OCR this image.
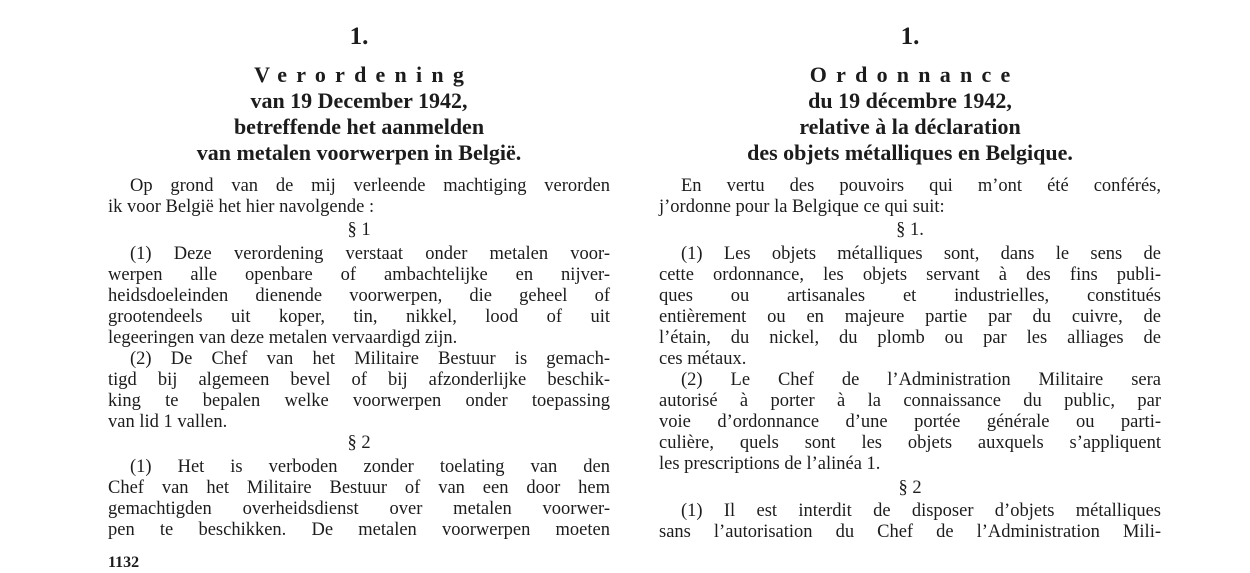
1.
Verordening
van 19 December 1942,
betreffende het aanmelden
van metalen voorwerpen in België.
Op grond van de mij verleende machtiging verorden
ik voor België het hier navolgende :
§ 1
(1) Deze verordening verstaat onder metalen voor-
werpen alle openbare of ambachtelijke en nijver-
heidsdoeleinden dienende voorwerpen, die geheel of
grootendeels uit koper, tin, nikkel, lood of uit
legeeringen van deze metalen vervaardigd zijn.
(2) De Chef van het Militaire Bestuur is gemach-
tigd bij algemeen bevel of bij afzonderlijke beschik-
king te bepalen welke voorwerpen onder toepassing
van lid 1 vallen.
§ 2
(1) Het is verboden zonder toelating van den
Chef van het Militaire Bestuur of van een door hem
gemachtigden overheidsdienst over metalen voorwer-
pen te beschikken. De metalen voorwerpen moeten
1.
Ordonnance
du 19 décembre 1942,
relative à la déclaration
des objets métalliques en Belgique.
En vertu des pouvoirs qui m’ont été conférés,
j’ordonne pour la Belgique ce qui suit:
§ 1.
(1) Les objets métalliques sont, dans le sens de
cette ordonnance, les objets servant à des fins publi-
ques ou artisanales et industrielles, constitués
entièrement ou en majeure partie par du cuivre, de
l’étain, du nickel, du plomb ou par les alliages de
ces métaux.
(2) Le Chef de l’Administration Militaire sera
autorisé à porter à la connaissance du public, par
voie d’ordonnance d’une portée générale ou parti-
culière, quels sont les objets auxquels s’appliquent
les prescriptions de l’alinéa 1.
§ 2
(1) Il est interdit de disposer d’objets métalliques
sans l’autorisation du Chef de l’Administration Mili-
1132
